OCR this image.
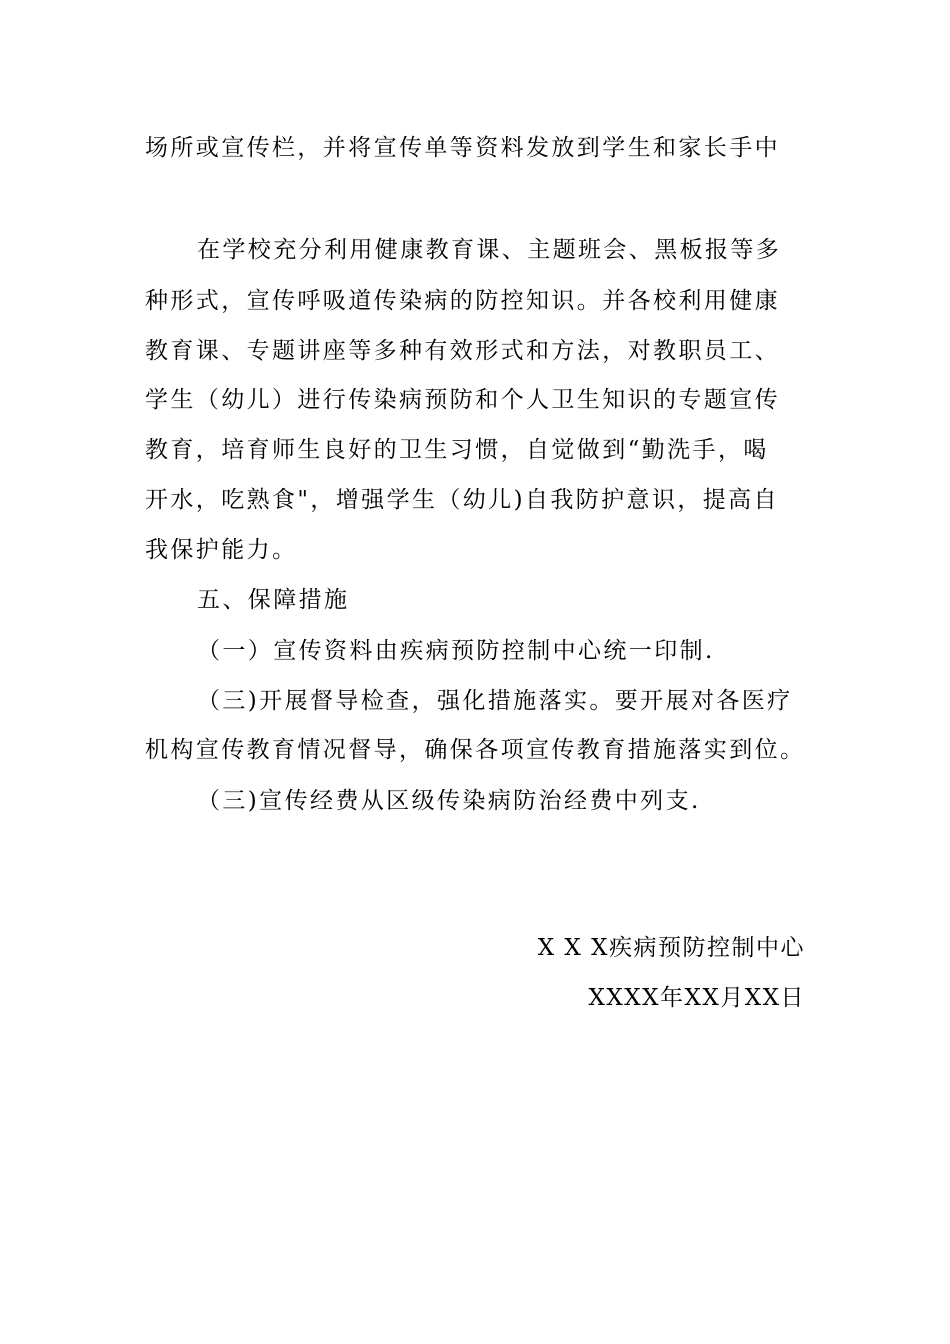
场所或宣传栏，并将宣传单等资料发放到学生和家长手中
在学校充分利用健康教育课、主题班会、黑板报等多
种形式，宣传呼吸道传染病的防控知识。并各校利用健康
教育课、专题讲座等多种有效形式和方法，对教职员工、
学生（幼儿）进行传染病预防和个人卫生知识的专题宣传
教育，培育师生良好的卫生习惯，自觉做到“勤洗手，喝
开水，吃熟食"，增强学生（幼儿)自我防护意识，提高自
我保护能力。
五、保障措施
（一）宣传资料由疾病预防控制中心统一印制.
（三)开展督导检查，强化措施落实。要开展对各医疗
机构宣传教育情况督导，确保各项宣传教育措施落实到位。
（三)宣传经费从区级传染病防治经费中列支.
X X X疾病预防控制中心
XXXX年XX月XX日
